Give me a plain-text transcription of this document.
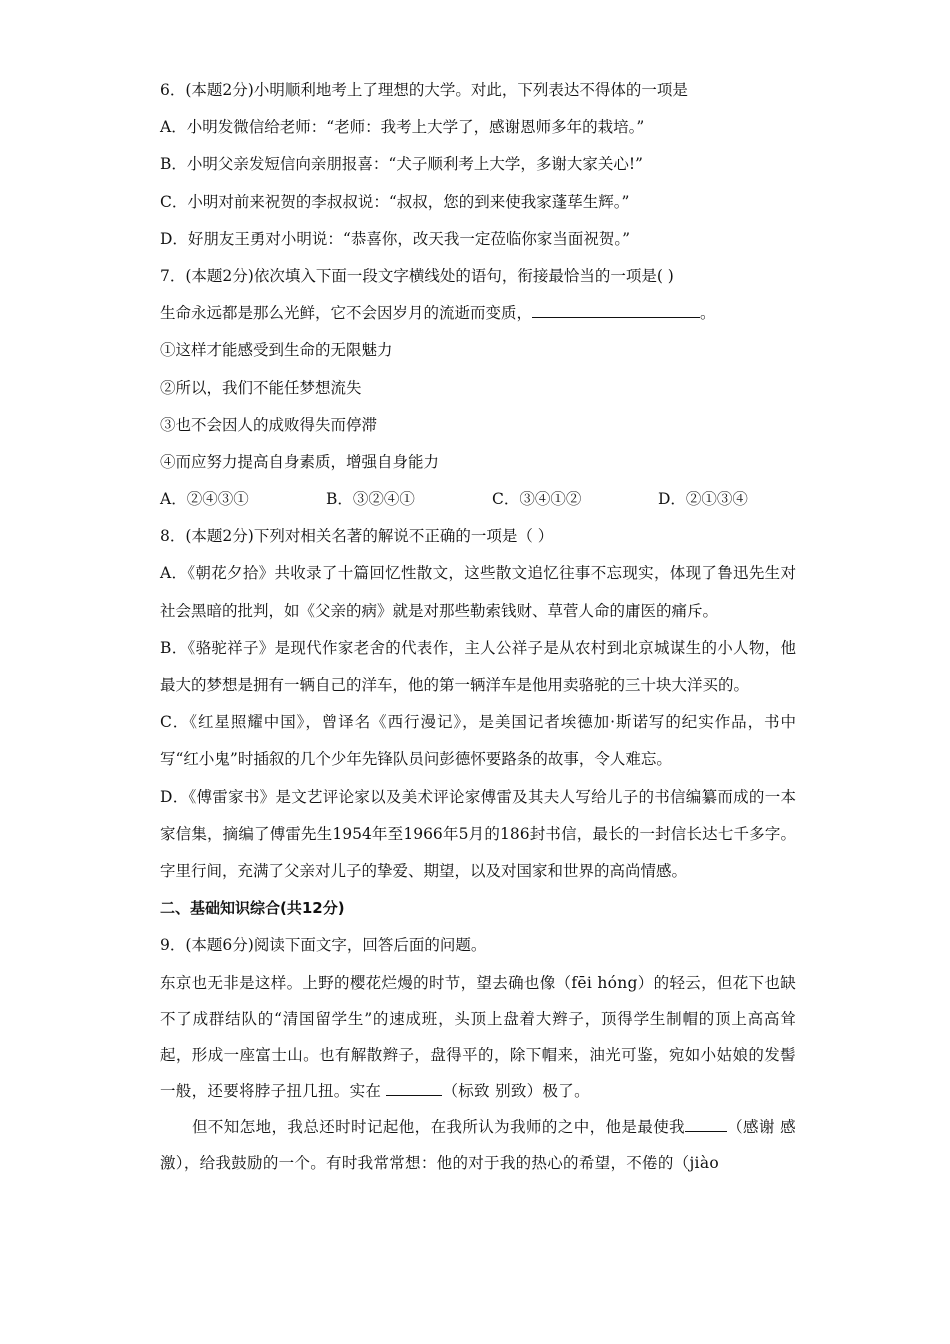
6．(本题2分)小明顺利地考上了理想的大学。对此，下列表达不得体的一项是
A．小明发微信给老师：“老师：我考上大学了，感谢恩师多年的栽培。”
B．小明父亲发短信向亲朋报喜：“犬子顺利考上大学，多谢大家关心!”
C．小明对前来祝贺的李叔叔说：“叔叔，您的到来使我家蓬荜生辉。”
D．好朋友王勇对小明说：“恭喜你，改天我一定莅临你家当面祝贺。”
7．(本题2分)依次填入下面一段文字横线处的语句，衔接最恰当的一项是( )
生命永远都是那么光鲜，它不会因岁月的流逝而变质，	。
①这样才能感受到生命的无限魅力
②所以，我们不能任梦想流失
③也不会因人的成败得失而停滞
④而应努力提高自身素质，增强自身能力
A．②④③①	B．③②④①	C．③④①②	D．②①③④
8．(本题2分)下列对相关名著的解说不正确的一项是（ ）
A．《朝花夕拾》共收录了十篇回忆性散文，这些散文追忆往事不忘现实，体现了鲁迅先生对社会黑暗的批判，如《父亲的病》就是对那些勒索钱财、草菅人命的庸医的痛斥。
B．《骆驼祥子》是现代作家老舍的代表作，主人公祥子是从农村到北京城谋生的小人物，他最大的梦想是拥有一辆自己的洋车，他的第一辆洋车是他用卖骆驼的三十块大洋买的。
C．《红星照耀中国》，曾译名《西行漫记》，是美国记者埃德加·斯诺写的纪实作品，书中写“红小鬼”时插叙的几个少年先锋队员问彭德怀要路条的故事，令人难忘。
D．《傅雷家书》是文艺评论家以及美术评论家傅雷及其夫人写给儿子的书信编纂而成的一本家信集，摘编了傅雷先生1954年至1966年5月的186封书信，最长的一封信长达七千多字。字里行间，充满了父亲对儿子的挚爱、期望，以及对国家和世界的高尚情感。
二、基础知识综合(共12分)
9．(本题6分)阅读下面文字，回答后面的问题。
东京也无非是这样。上野的樱花烂熳的时节，望去确也像（fēi hóng）的轻云，但花下也缺不了成群结队的“清国留学生”的速成班，头顶上盘着大辫子，顶得学生制帽的顶上高高耸起，形成一座富士山。也有解散辫子，盘得平的，除下帽来，油光可鉴，宛如小姑娘的发髻一般，还要将脖子扭几扭。实在	（标致 别致）极了。
但不知怎地，我总还时时记起他，在我所认为我师的之中，他是最使我	（感谢 感激），给我鼓励的一个。有时我常常想：他的对于我的热心的希望，不倦的（jiào
